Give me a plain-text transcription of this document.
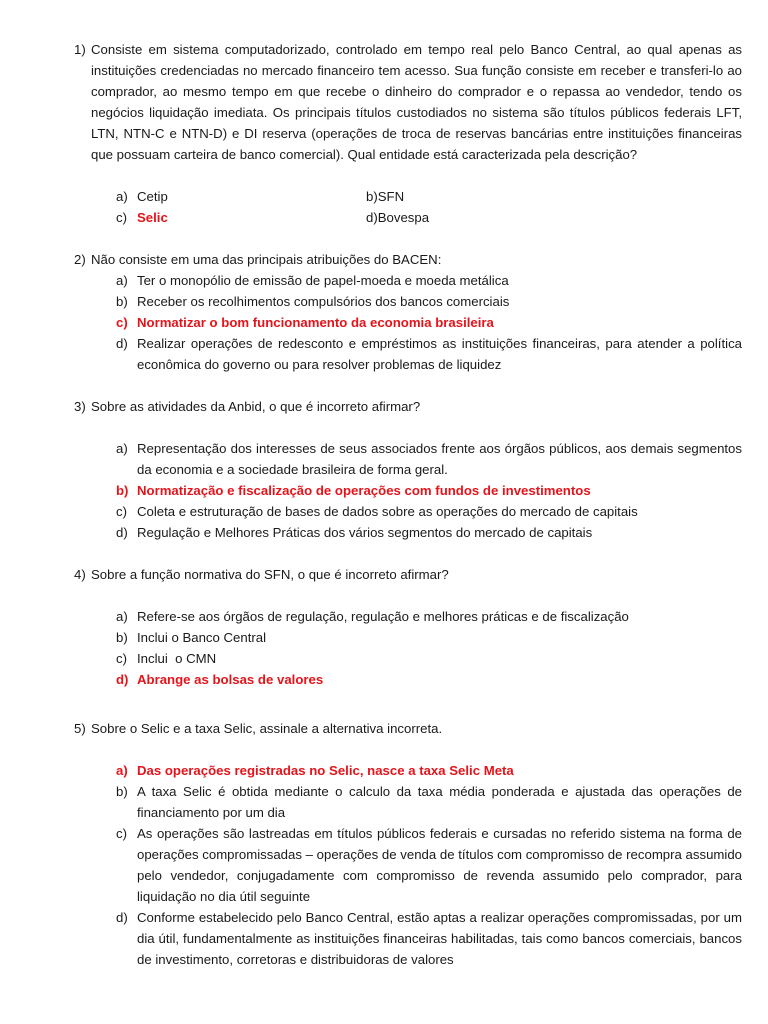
1) Consiste em sistema computadorizado, controlado em tempo real pelo Banco Central, ao qual apenas as instituições credenciadas no mercado financeiro tem acesso. Sua função consiste em receber e transferi-lo ao comprador, ao mesmo tempo em que recebe o dinheiro do comprador e o repassa ao vendedor, tendo os negócios liquidação imediata. Os principais títulos custodiados no sistema são títulos públicos federais LFT, LTN, NTN-C e NTN-D) e DI reserva (operações de troca de reservas bancárias entre instituições financeiras que possuam carteira de banco comercial). Qual entidade está caracterizada pela descrição?
a) Cetip	b)SFN
c) Selic	d)Bovespa
2) Não consiste em uma das principais atribuições do BACEN:
a) Ter o monopólio de emissão de papel-moeda e moeda metálica
b) Receber os recolhimentos compulsórios dos bancos comerciais
c) Normatizar o bom funcionamento da economia brasileira
d) Realizar operações de redesconto e empréstimos as instituições financeiras, para atender a política econômica do governo ou para resolver problemas de liquidez
3) Sobre as atividades da Anbid, o que é incorreto afirmar?
a) Representação dos interesses de seus associados frente aos órgãos públicos, aos demais segmentos da economia e a sociedade brasileira de forma geral.
b) Normatização e fiscalização de operações com fundos de investimentos
c) Coleta e estruturação de bases de dados sobre as operações do mercado de capitais
d) Regulação e Melhores Práticas dos vários segmentos do mercado de capitais
4) Sobre a função normativa do SFN, o que é incorreto afirmar?
a) Refere-se aos órgãos de regulação, regulação e melhores práticas e de fiscalização
b) Inclui o Banco Central
c) Inclui  o CMN
d) Abrange as bolsas de valores
5) Sobre o Selic e a taxa Selic, assinale a alternativa incorreta.
a) Das operações registradas no Selic, nasce a taxa Selic Meta
b) A taxa Selic é obtida mediante o calculo da taxa média ponderada e ajustada das operações de financiamento por um dia
c) As operações são lastreadas em títulos públicos federais e cursadas no referido sistema na forma de operações compromissadas – operações de venda de títulos com compromisso de recompra assumido pelo vendedor, conjugadamente com compromisso de revenda assumido pelo comprador, para liquidação no dia útil seguinte
d) Conforme estabelecido pelo Banco Central, estão aptas a realizar operações compromissadas, por um dia útil, fundamentalmente as instituições financeiras habilitadas, tais como bancos comerciais, bancos de investimento, corretoras e distribuidoras de valores
